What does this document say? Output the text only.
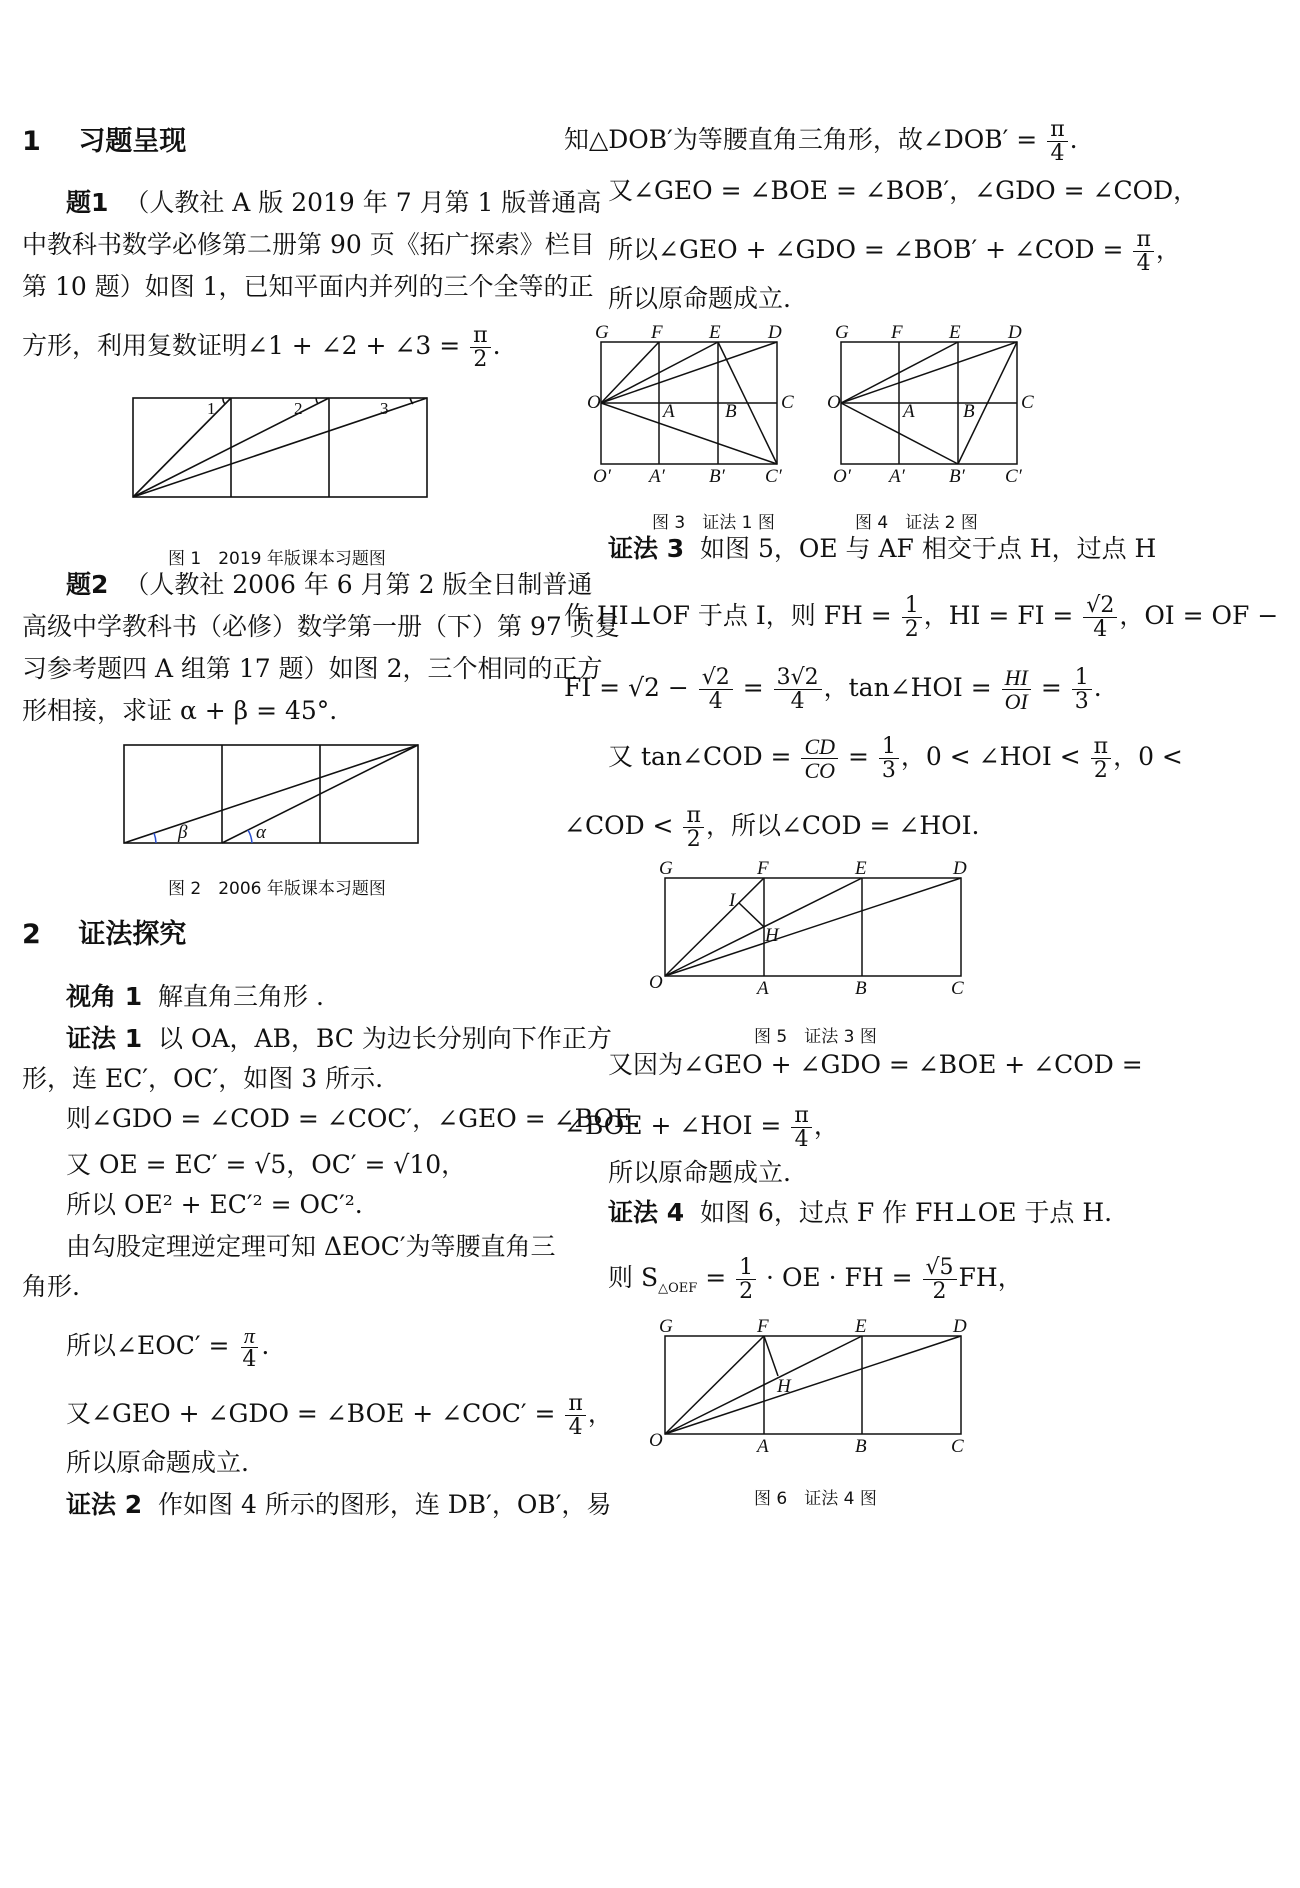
1 习题呈现
题1 （人教社 A 版 2019 年 7 月第 1 版普通高
中教科书数学必修第二册第 90 页《拓广探索》栏目
第 10 题）如图 1，已知平面内并列的三个全等的正
方形，利用复数证明∠1 + ∠2 + ∠3 = $\frac{\pi}{2}$ .
1	2	3
图 1　2019 年版课本习题图
题2 （人教社 2006 年 6 月第 2 版全日制普通
高级中学教科书（必修）数学第一册（下）第 97 页复
习参考题四 A 组第 17 题）如图 2，三个相同的正方
形相接，求证 α + β = 45°.
β	α
图 2　2006 年版课本习题图
2 证法探究
视角 1 解直角三角形 .
证法 1 以 OA，AB，BC 为边长分别向下作正方
形，连 EC′，OC′，如图 3 所示.
则∠GDO = ∠COD = ∠COC′，∠GEO = ∠BOE.
又 OE = EC′ = √5，OC′ = √10，
所以 OE² + EC′² = OC′².
由勾股定理逆定理可知 ΔEOC′为等腰直角三
角形.
所以∠EOC′ = $\frac{\pi}{4}$ .
又∠GEO + ∠GDO = ∠BOE + ∠COC′ = $\frac{\pi}{4}$ ，
所以原命题成立.
证法 2 作如图 4 所示的图形，连 DB′，OB′，易
知△DOB′为等腰直角三角形，故∠DOB′ = $\frac{\pi}{4}$ .
又∠GEO = ∠BOE = ∠BOB′，∠GDO = ∠COD，
所以∠GEO + ∠GDO = ∠BOB′ + ∠COD = $\frac{\pi}{4}$ ，
所以原命题成立.
G F E D
O	A	B C
O′ A′ B′ C′
G F E D
O	A	B C
O′ A′ B′ C′
图 3　证法 1 图	图 4　证法 2 图
证法 3 如图 5，OE 与 AF 相交于点 H，过点 H
作 HI⊥OF 于点 I，则 FH = $\frac{1}{2}$ ，HI = FI = $\frac{√2}{4}$ ，OI = OF −
FI = $√2 - \frac{√2}{4} = \frac{3√2}{4}$ ，tan∠HOI = $\frac{HI}{OI} = \frac{1}{3}$ .
又 tan∠COD = $\frac{CD}{CO} = \frac{1}{3}$ ，0 < ∠HOI < $\frac{\pi}{2}$ ，0 <
∠COD < $\frac{\pi}{2}$ ，所以∠COD = ∠HOI.
G	F	E	D
I
H
O	A	B	C
图 5　证法 3 图
又因为∠GEO + ∠GDO = ∠BOE + ∠COD =
∠BOE + ∠HOI = $\frac{\pi}{4}$ ，
所以原命题成立.
证法 4 如图 6，过点 F 作 FH⊥OE 于点 H.
则 $S_{\triangle OEF} = \frac{1}{2}$ · OE · FH = $\frac{√5}{2}$ FH，
G	F	E	D
H
O	A	B	C
图 6　证法 4 图
